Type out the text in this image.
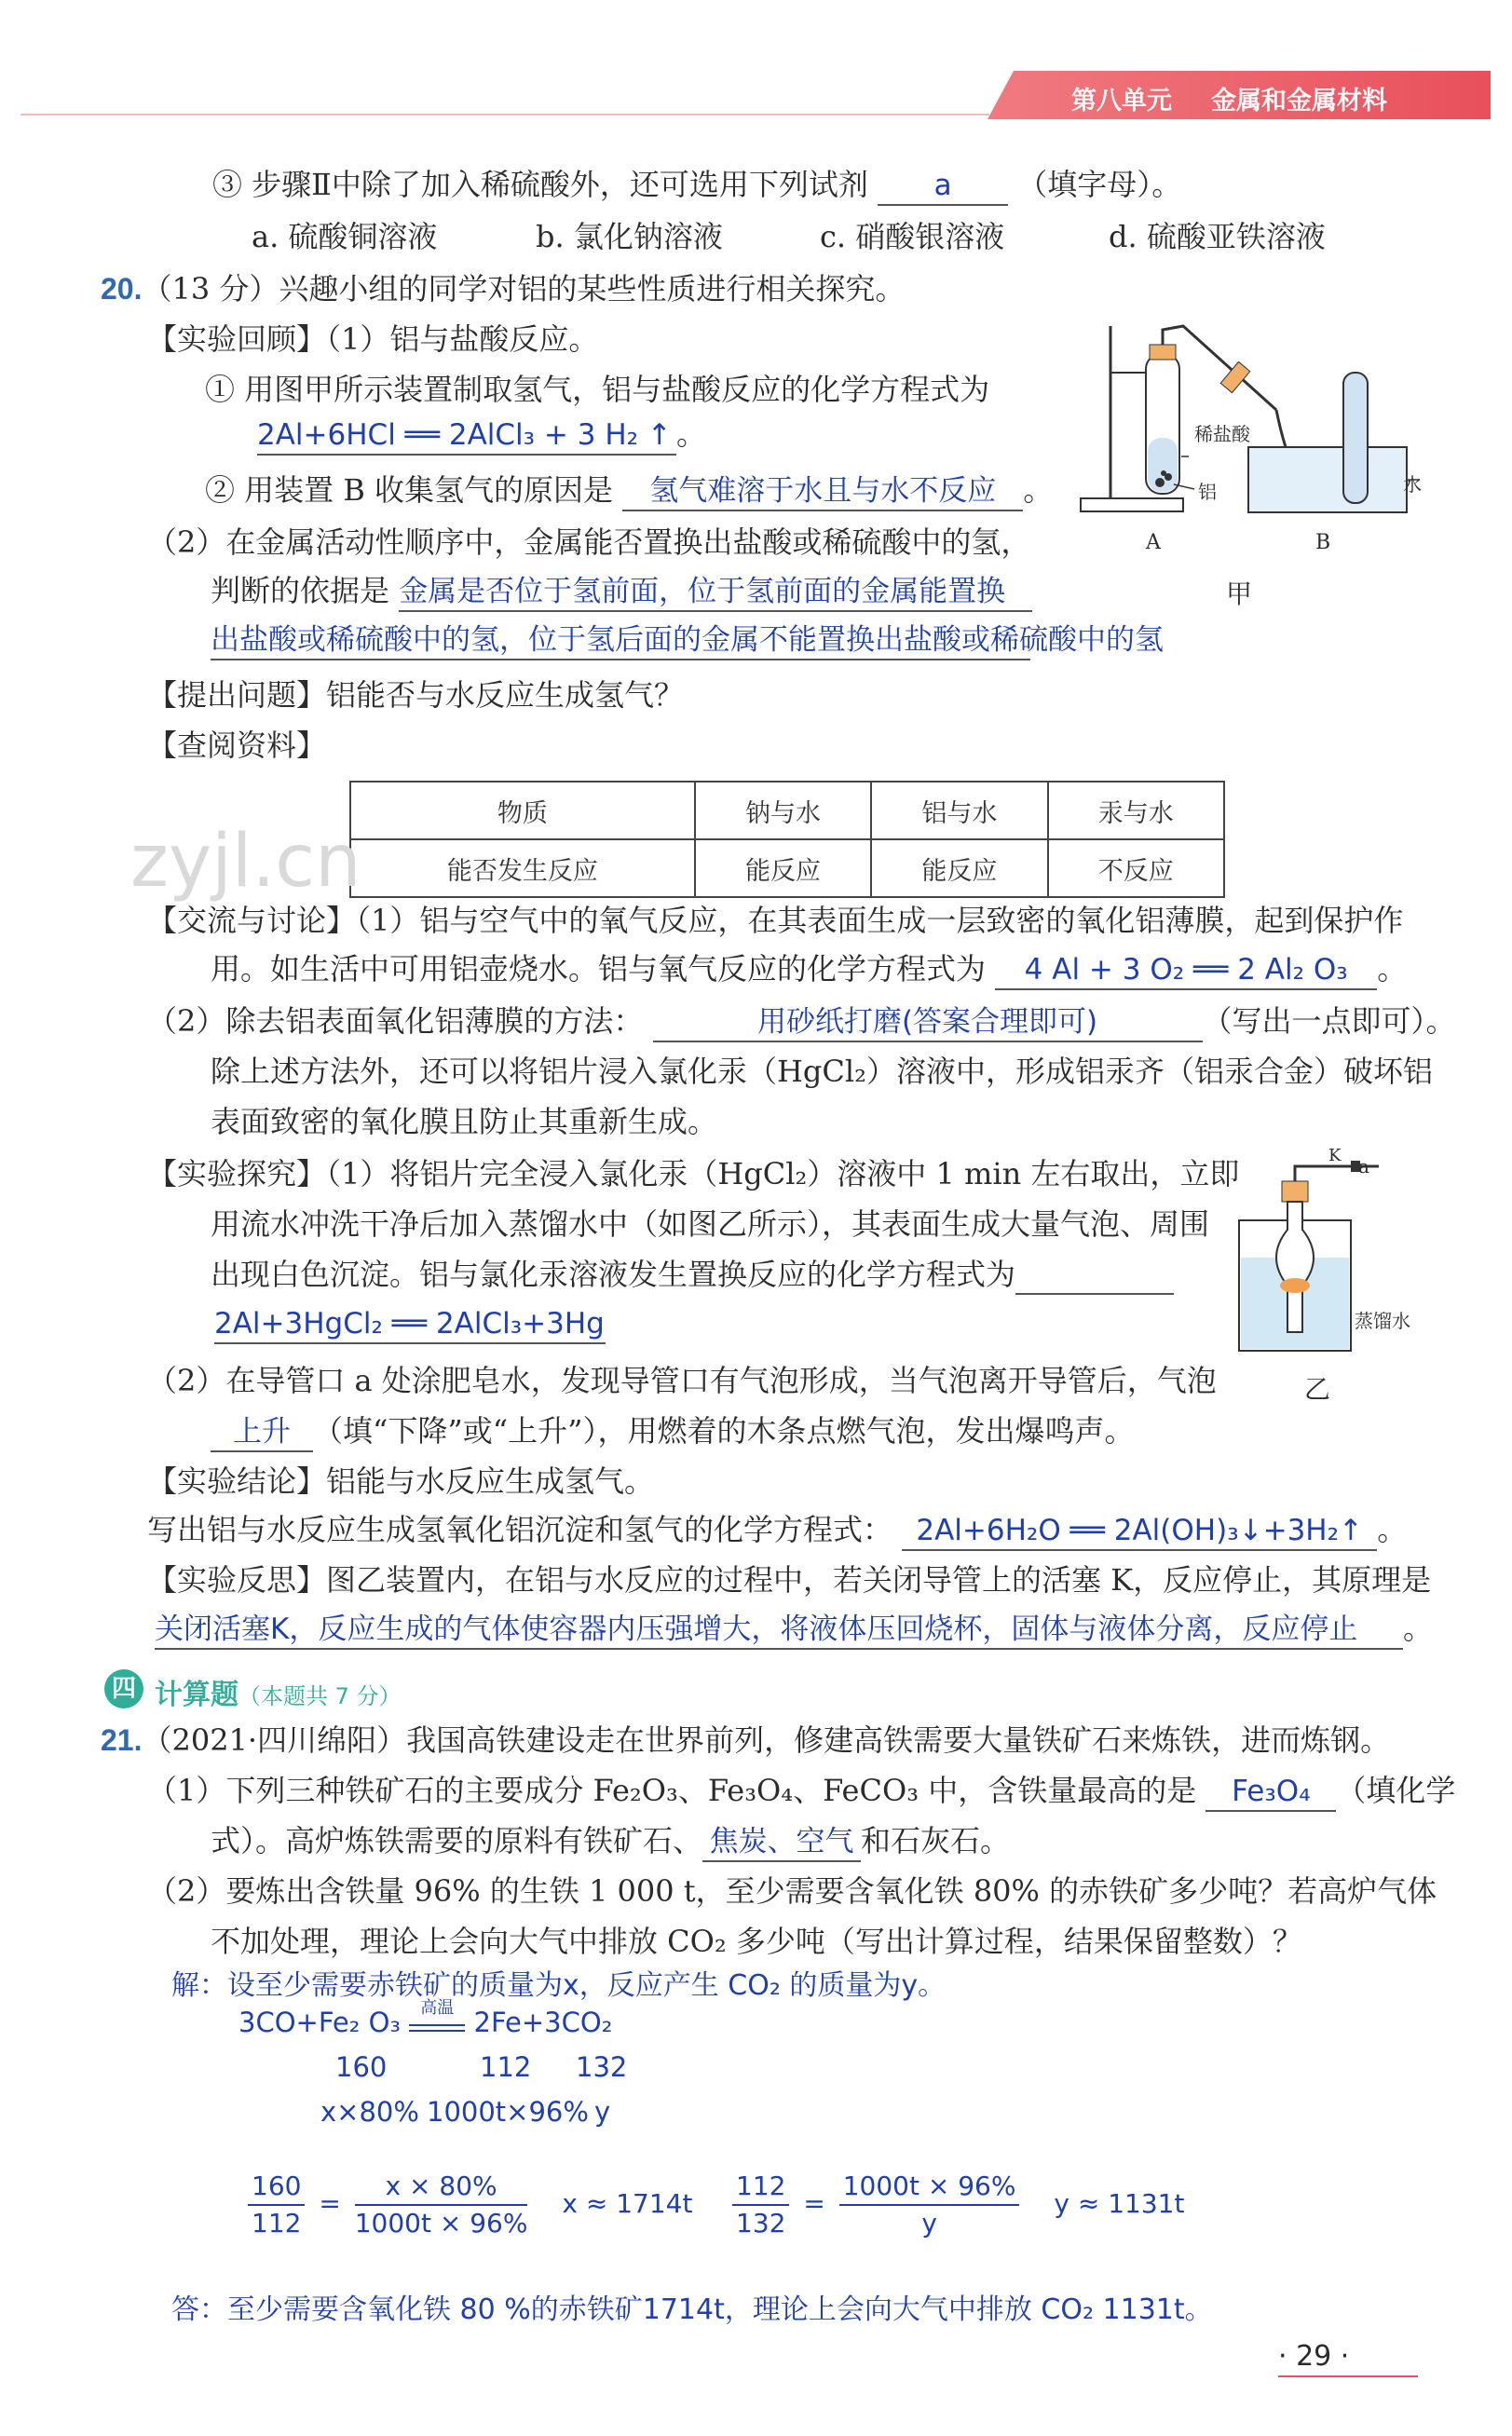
第八单元 金属和金属材料
③ 步骤Ⅱ中除了加入稀硫酸外，还可选用下列试剂 a （填字母）。
a. 硫酸铜溶液	b. 氯化钠溶液	c. 硝酸银溶液	d. 硫酸亚铁溶液
20.（13 分）兴趣小组的同学对铝的某些性质进行相关探究。
【实验回顾】（1）铝与盐酸反应。
① 用图甲所示装置制取氢气，铝与盐酸反应的化学方程式为
2Al+6HCl ══ 2AlCl₃ + 3 H₂ ↑ 。
② 用装置 B 收集氢气的原因是 氢气难溶于水且与水不反应 。
（2）在金属活动性顺序中，金属能否置换出盐酸或稀硫酸中的氢，
判断的依据是 金属是否位于氢前面，位于氢前面的金属能置换
出盐酸或稀硫酸中的氢，位于氢后面的金属不能置换出盐酸或稀硫酸中的氢
稀盐酸
铝	水
A	B
甲
【提出问题】铝能否与水反应生成氢气？
【查阅资料】
物质	钠与水	铝与水	汞与水
能否发生反应	能反应	能反应	不反应
zyjl.cn
【交流与讨论】（1）铝与空气中的氧气反应，在其表面生成一层致密的氧化铝薄膜，起到保护作
用。如生活中可用铝壶烧水。铝与氧气反应的化学方程式为 4 Al + 3 O₂ ══ 2 Al₂ O₃ 。
（2）除去铝表面氧化铝薄膜的方法：	用砂纸打磨(答案合理即可)	（写出一点即可）。
除上述方法外，还可以将铝片浸入氯化汞（HgCl₂）溶液中，形成铝汞齐（铝汞合金）破坏铝
表面致密的氧化膜且防止其重新生成。
【实验探究】（1）将铝片完全浸入氯化汞（HgCl₂）溶液中 1 min 左右取出，立即
用流水冲洗干净后加入蒸馏水中（如图乙所示），其表面生成大量气泡、周围
出现白色沉淀。铝与氯化汞溶液发生置换反应的化学方程式为
2Al+3HgCl₂ ══ 2AlCl₃+3Hg
（2）在导管口 a 处涂肥皂水，发现导管口有气泡形成，当气泡离开导管后，气泡
上升 （填“下降”或“上升”），用燃着的木条点燃气泡，发出爆鸣声。
K a
蒸馏水
乙
【实验结论】铝能与水反应生成氢气。
写出铝与水反应生成氢氧化铝沉淀和氢气的化学方程式： 2Al+6H₂O ══ 2Al(OH)₃↓+3H₂↑ 。
【实验反思】图乙装置内，在铝与水反应的过程中，若关闭导管上的活塞 K，反应停止，其原理是
关闭活塞K，反应生成的气体使容器内压强增大，将液体压回烧杯，固体与液体分离，反应停止 。
四 计算题（本题共 7 分）
21.（2021·四川绵阳）我国高铁建设走在世界前列，修建高铁需要大量铁矿石来炼铁，进而炼钢。
（1）下列三种铁矿石的主要成分 Fe₂O₃、Fe₃O₄、FeCO₃ 中，含铁量最高的是 Fe₃O₄ （填化学
式）。高炉炼铁需要的原料有铁矿石、 焦炭、空气 和石灰石。
（2）要炼出含铁量 96% 的生铁 1 000 t，至少需要含氧化铁 80% 的赤铁矿多少吨？若高炉气体
不加处理，理论上会向大气中排放 CO₂ 多少吨（写出计算过程，结果保留整数）？
解：设至少需要赤铁矿的质量为x，反应产生 CO₂ 的质量为y。
3CO+Fe₂ O₃	高温 2Fe+3CO₂
160	112 132
x×80% 1000t×96% y
$\frac{160}{112} = \frac{x \times 80\%}{1000t \times 96\%}$ $x \approx 1714t \frac{112}{132} = \frac{1000t \times 96\%}{y}$ y ≈ 1131t
答：至少需要含氧化铁 80 %的赤铁矿1714t，理论上会向大气中排放 CO₂ 1131t。
· 29 ·
